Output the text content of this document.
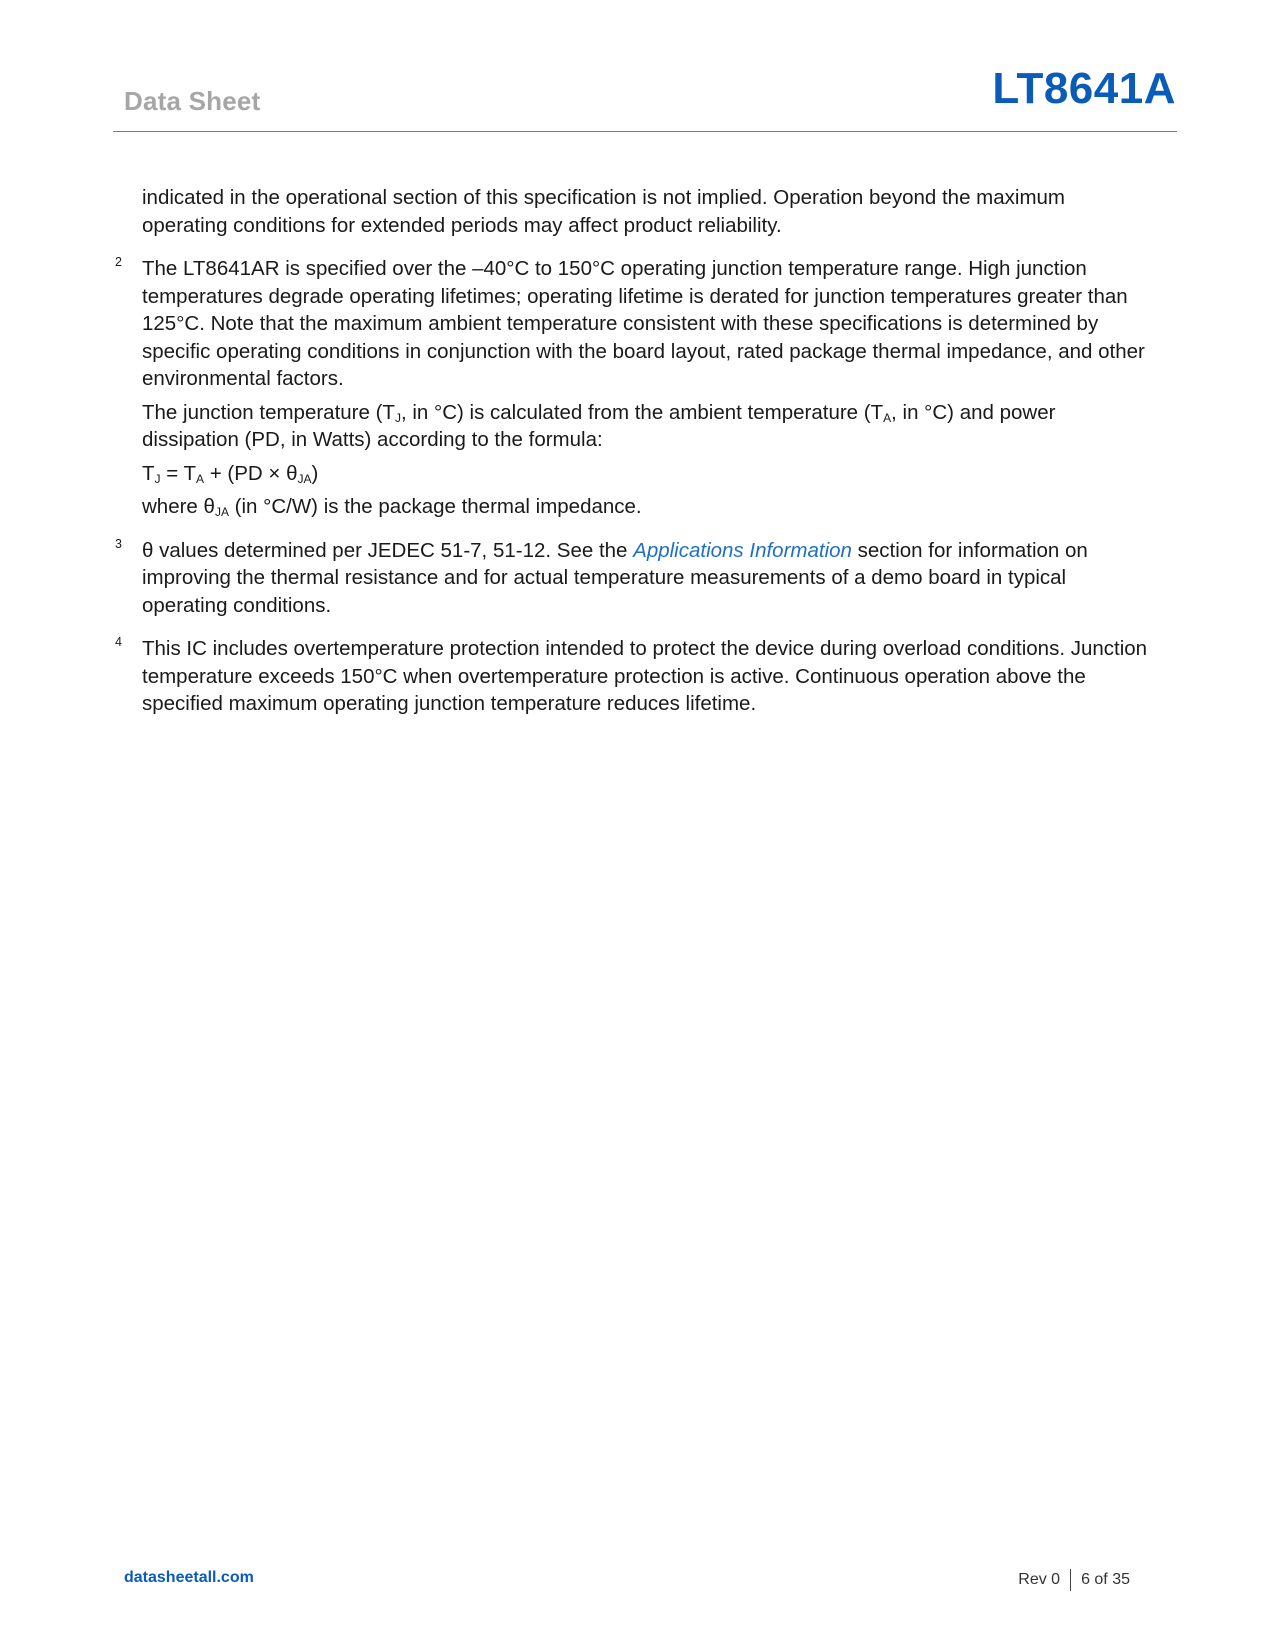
Data Sheet	LT8641A

indicated in the operational section of this specification is not implied. Operation beyond the maximum operating conditions for extended periods may affect product reliability.

2 The LT8641AR is specified over the –40°C to 150°C operating junction temperature range. High junction temperatures degrade operating lifetimes; operating lifetime is derated for junction temperatures greater than 125°C. Note that the maximum ambient temperature consistent with these specifications is determined by specific operating conditions in conjunction with the board layout, rated package thermal impedance, and other environmental factors.

The junction temperature ($T_J$, in °C) is calculated from the ambient temperature ($T_A$, in °C) and power dissipation (PD, in Watts) according to the formula:

$T_J = T_A + (PD \times \theta_{JA})$

where $\theta_{JA}$ (in °C/W) is the package thermal impedance.

3 θ values determined per JEDEC 51-7, 51-12. See the Applications Information section for information on improving the thermal resistance and for actual temperature measurements of a demo board in typical operating conditions.

4 This IC includes overtemperature protection intended to protect the device during overload conditions. Junction temperature exceeds 150°C when overtemperature protection is active. Continuous operation above the specified maximum operating junction temperature reduces lifetime.

datasheetall.com	Rev 0 6 of 35
